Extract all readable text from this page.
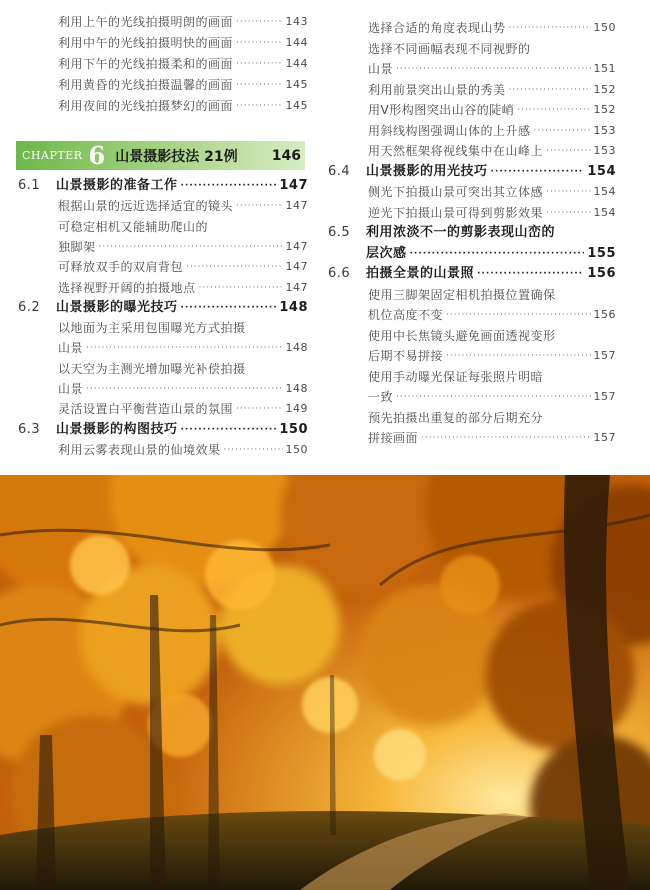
利用上午的光线拍摄明朗的画面 ·····	143
利用中午的光线拍摄明快的画面 ·····	144
利用下午的光线拍摄柔和的画面 ·····	144
利用黄昏的光线拍摄温馨的画面 ·····	145
利用夜间的光线拍摄梦幻的画面 ·····	145
CHAPTER 6 山景摄影技法 21例 146
6.1	山景摄影的准备工作 ·····	147
根据山景的远近选择适宜的镜头 ·····	147
可稳定相机又能辅助爬山的
独脚架 ·····	147
可释放双手的双肩背包 ·····	147
选择视野开阔的拍摄地点 ·····	147
6.2	山景摄影的曝光技巧 ·····	148
以地面为主采用包围曝光方式拍摄
山景 ·····	148
以天空为主测光增加曝光补偿拍摄
山景 ·····	148
灵活设置白平衡营造山景的氛围 ·····	149
6.3	山景摄影的构图技巧 ·····	150
利用云雾表现山景的仙境效果 ·····	150
选择合适的角度表现山势 ·····	150
选择不同画幅表现不同视野的
山景 ·····	151
利用前景突出山景的秀美 ·····	152
用V形构图突出山谷的陡峭 ·····	152
用斜线构图强调山体的上升感 ·····	153
用天然框架将视线集中在山峰上 ·····	153
6.4	山景摄影的用光技巧 ·····	154
侧光下拍摄山景可突出其立体感 ·····	154
逆光下拍摄山景可得到剪影效果 ·····	154
6.5	利用浓淡不一的剪影表现山峦的
层次感 ·····	155
6.6	拍摄全景的山景照 ·····	156
使用三脚架固定相机拍摄位置确保
机位高度不变 ·····	156
使用中长焦镜头避免画面透视变形
后期不易拼接 ·····	157
使用手动曝光保证每张照片明暗
一致 ·····	157
预先拍摄出重复的部分后期充分
拼接画面 ·····	157
